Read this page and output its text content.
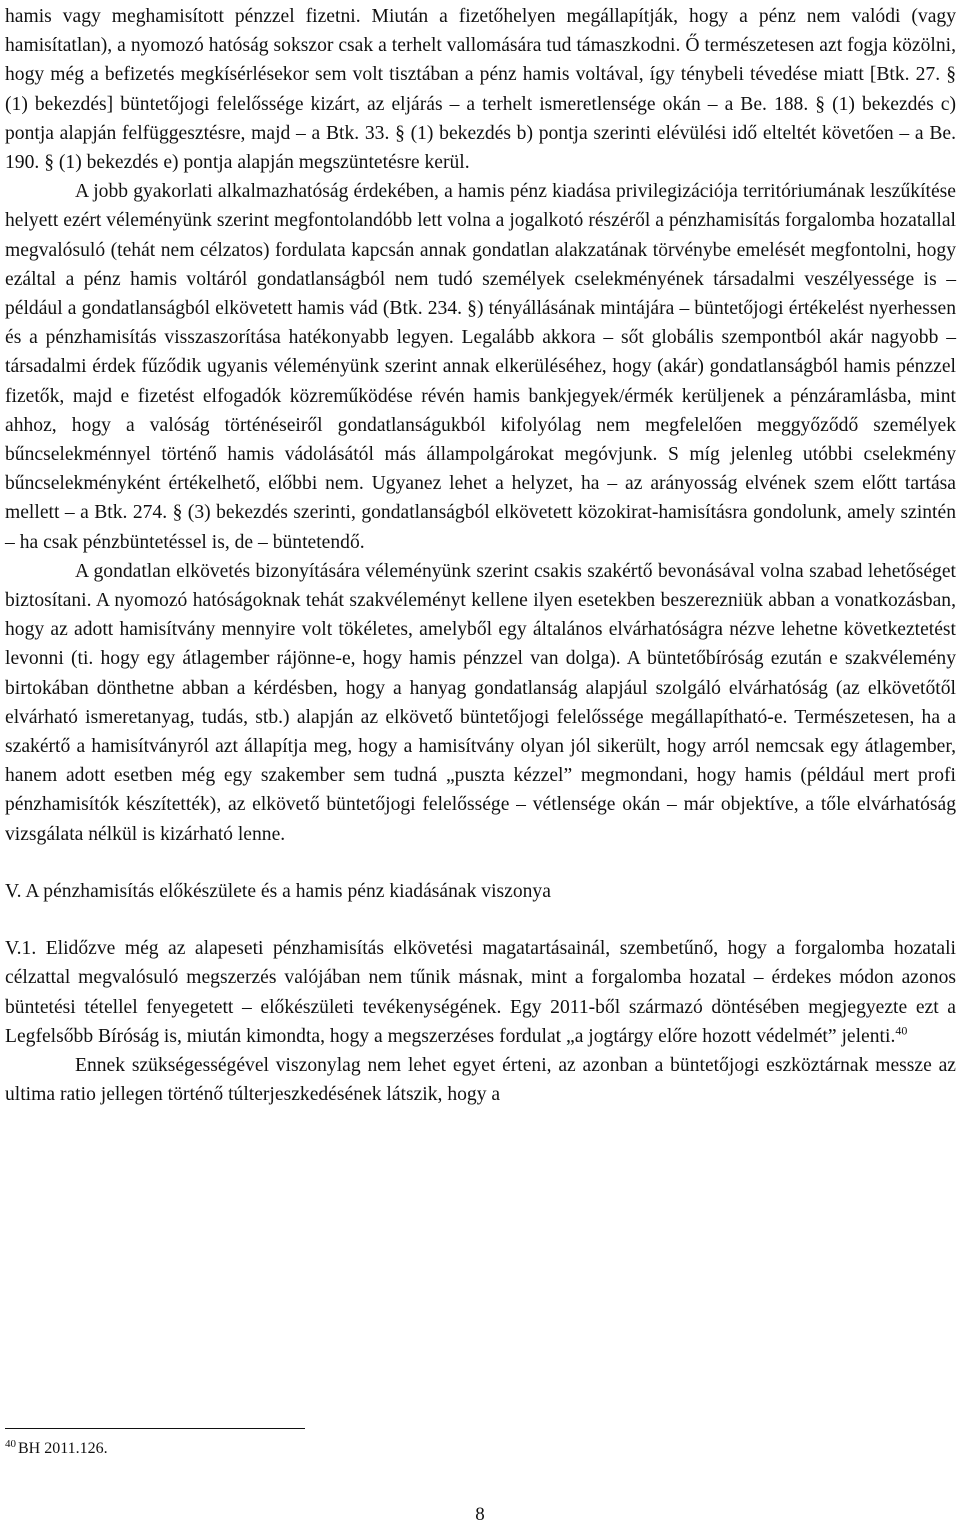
hamis vagy meghamisított pénzzel fizetni. Miután a fizetőhelyen megállapítják, hogy a pénz nem valódi (vagy hamisítatlan), a nyomozó hatóság sokszor csak a terhelt vallomására tud támaszkodni. Ő természetesen azt fogja közölni, hogy még a befizetés megkísérlésekor sem volt tisztában a pénz hamis voltával, így ténybeli tévedése miatt [Btk. 27. § (1) bekezdés] büntetőjogi felelőssége kizárt, az eljárás – a terhelt ismeretlensége okán – a Be. 188. § (1) bekezdés c) pontja alapján felfüggesztésre, majd – a Btk. 33. § (1) bekezdés b) pontja szerinti elévülési idő elteltét követően – a Be. 190. § (1) bekezdés e) pontja alapján megszüntetésre kerül.

A jobb gyakorlati alkalmazhatóság érdekében, a hamis pénz kiadása privilegizációja territóriumának leszűkítése helyett ezért véleményünk szerint megfontolandóbb lett volna a jogalkotó részéről a pénzhamisítás forgalomba hozatallal megvalósuló (tehát nem célzatos) fordulata kapcsán annak gondatlan alakzatának törvénybe emelését megfontolni, hogy ezáltal a pénz hamis voltáról gondatlanságból nem tudó személyek cselekményének társadalmi veszélyessége is – például a gondatlanságból elkövetett hamis vád (Btk. 234. §) tényállásának mintájára – büntetőjogi értékelést nyerhessen és a pénzhamisítás visszaszorítása hatékonyabb legyen. Legalább akkora – sőt globális szempontból akár nagyobb – társadalmi érdek fűződik ugyanis véleményünk szerint annak elkerüléséhez, hogy (akár) gondatlanságból hamis pénzzel fizetők, majd e fizetést elfogadók közreműködése révén hamis bankjegyek/érmék kerüljenek a pénzáramlásba, mint ahhoz, hogy a valóság történéseiről gondatlanságukból kifolyólag nem megfelelően meggyőződő személyek bűncselekménnyel történő hamis vádolásától más állampolgárokat megóvjunk. S míg jelenleg utóbbi cselekmény bűncselekményként értékelhető, előbbi nem. Ugyanez lehet a helyzet, ha – az arányosság elvének szem előtt tartása mellett – a Btk. 274. § (3) bekezdés szerinti, gondatlanságból elkövetett közokirat-hamisításra gondolunk, amely szintén – ha csak pénzbüntetéssel is, de – büntetendő.

A gondatlan elkövetés bizonyítására véleményünk szerint csakis szakértő bevonásával volna szabad lehetőséget biztosítani. A nyomozó hatóságoknak tehát szakvéleményt kellene ilyen esetekben beszerezniük abban a vonatkozásban, hogy az adott hamisítvány mennyire volt tökéletes, amelyből egy általános elvárhatóságra nézve lehetne következtetést levonni (ti. hogy egy átlagember rájönne-e, hogy hamis pénzzel van dolga). A büntetőbíróság ezután e szakvélemény birtokában dönthetne abban a kérdésben, hogy a hanyag gondatlanság alapjául szolgáló elvárhatóság (az elkövetőtől elvárható ismeretanyag, tudás, stb.) alapján az elkövető büntetőjogi felelőssége megállapítható-e. Természetesen, ha a szakértő a hamisítványról azt állapítja meg, hogy a hamisítvány olyan jól sikerült, hogy arról nemcsak egy átlagember, hanem adott esetben még egy szakember sem tudná „puszta kézzel” megmondani, hogy hamis (például mert profi pénzhamisítók készítették), az elkövető büntetőjogi felelőssége – vétlensége okán – már objektíve, a tőle elvárhatóság vizsgálata nélkül is kizárható lenne.

V. A pénzhamisítás előkészülete és a hamis pénz kiadásának viszonya

V.1. Elidőzve még az alapeseti pénzhamisítás elkövetési magatartásainál, szembetűnő, hogy a forgalomba hozatali célzattal megvalósuló megszerzés valójában nem tűnik másnak, mint a forgalomba hozatal – érdekes módon azonos büntetési tétellel fenyegetett – előkészületi tevékenységének. Egy 2011-ből származó döntésében megjegyezte ezt a Legfelsőbb Bíróság is, miután kimondta, hogy a megszerzéses fordulat „a jogtárgy előre hozott védelmét” jelenti.$^{40}$

Ennek szükségességével viszonylag nem lehet egyet érteni, az azonban a büntetőjogi eszköztárnak messze az ultima ratio jellegen történő túlterjeszkedésének látszik, hogy a

$^{40}$ BH 2011.126.
8
